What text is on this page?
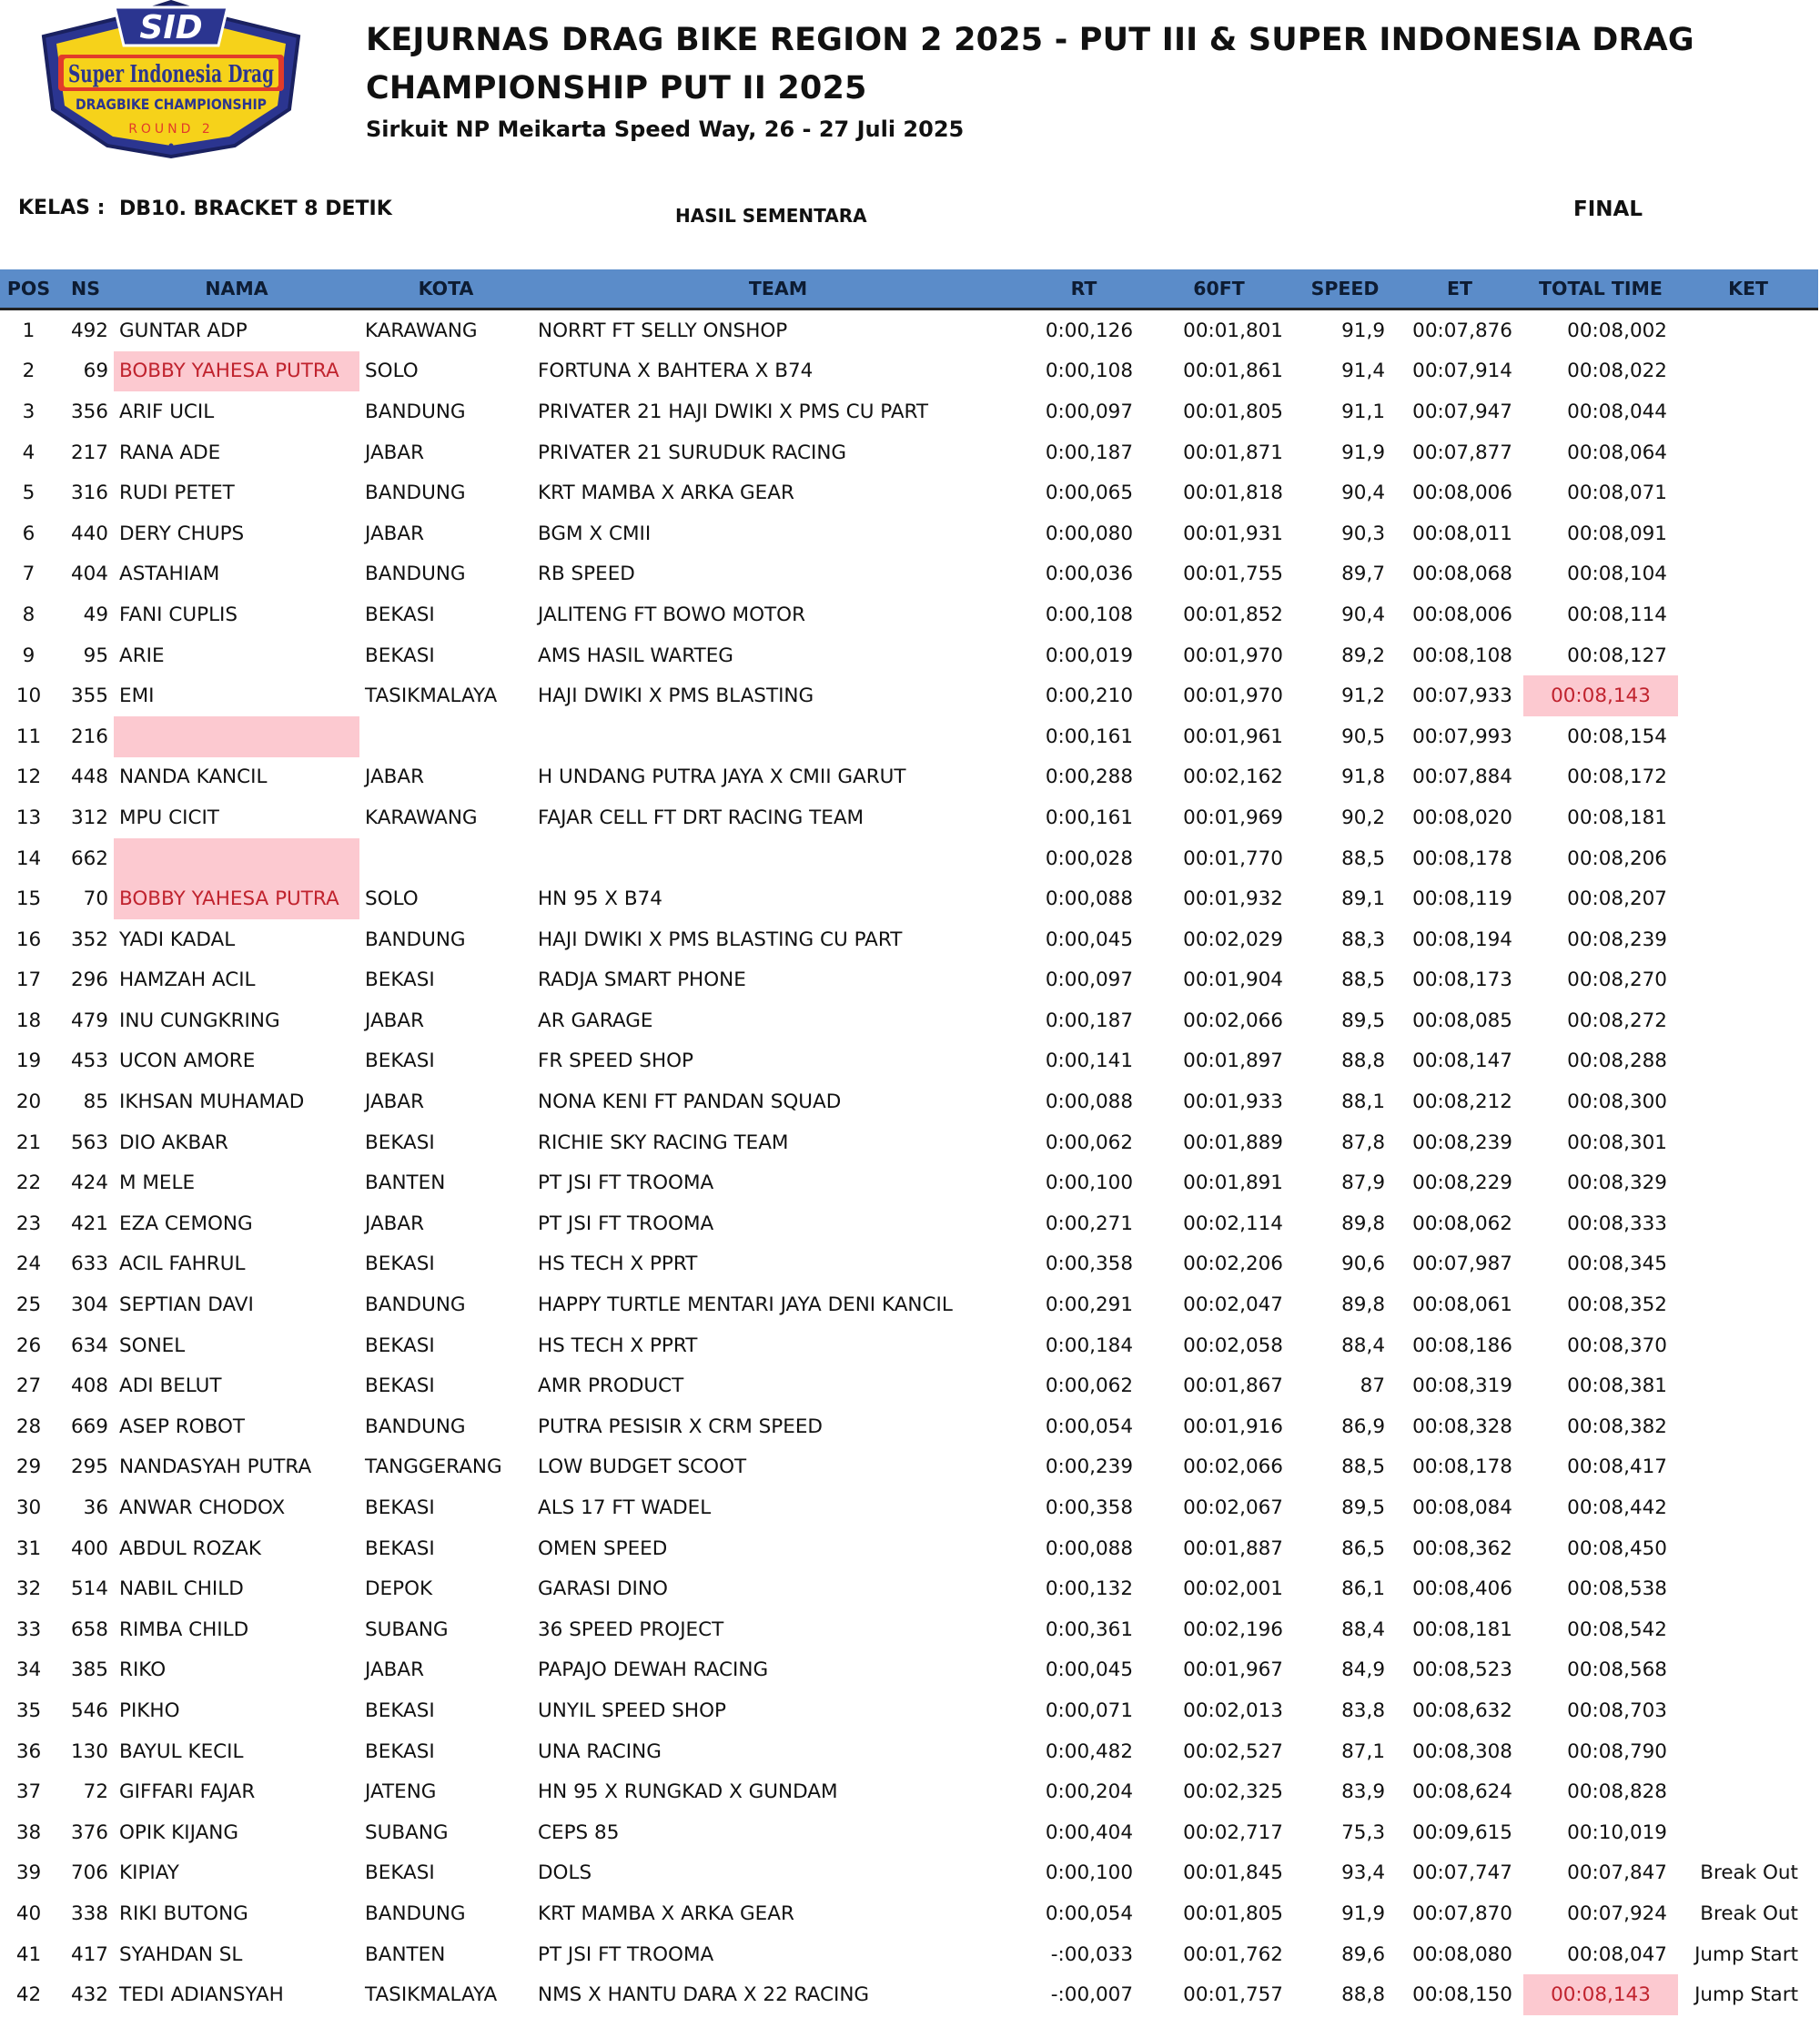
SID
Super Indonesia Drag
DRAGBIKE CHAMPIONSHIP
ROUND 2
KEJURNAS DRAG BIKE REGION 2 2025 - PUT III & SUPER INDONESIA DRAG
CHAMPIONSHIP PUT II 2025
Sirkuit NP Meikarta Speed Way, 26 - 27 Juli 2025
KELAS : DB10. BRACKET 8 DETIK	HASIL SEMENTARA	FINAL
POS	NS	NAMA	KOTA	TEAM	RT	60FT	SPEED	ET	TOTAL TIME	KET
1	492	GUNTAR ADP	KARAWANG	NORRT FT SELLY ONSHOP	0:00,126	00:01,801	91,9	00:07,876	00:08,002	
2	69	BOBBY YAHESA PUTRA	SOLO	FORTUNA X BAHTERA X B74	0:00,108	00:01,861	91,4	00:07,914	00:08,022	
3	356	ARIF UCIL	BANDUNG	PRIVATER 21 HAJI DWIKI X PMS CU PART	0:00,097	00:01,805	91,1	00:07,947	00:08,044	
4	217	RANA ADE	JABAR	PRIVATER 21 SURUDUK RACING	0:00,187	00:01,871	91,9	00:07,877	00:08,064	
5	316	RUDI PETET	BANDUNG	KRT MAMBA X ARKA GEAR	0:00,065	00:01,818	90,4	00:08,006	00:08,071	
6	440	DERY CHUPS	JABAR	BGM X CMII	0:00,080	00:01,931	90,3	00:08,011	00:08,091	
7	404	ASTAHIAM	BANDUNG	RB SPEED	0:00,036	00:01,755	89,7	00:08,068	00:08,104	
8	49	FANI CUPLIS	BEKASI	JALITENG FT BOWO MOTOR	0:00,108	00:01,852	90,4	00:08,006	00:08,114	
9	95	ARIE	BEKASI	AMS HASIL WARTEG	0:00,019	00:01,970	89,2	00:08,108	00:08,127	
10	355	EMI	TASIKMALAYA	HAJI DWIKI X PMS BLASTING	0:00,210	00:01,970	91,2	00:07,933	00:08,143	
11	216				0:00,161	00:01,961	90,5	00:07,993	00:08,154	
12	448	NANDA KANCIL	JABAR	H UNDANG PUTRA JAYA X CMII GARUT	0:00,288	00:02,162	91,8	00:07,884	00:08,172	
13	312	MPU CICIT	KARAWANG	FAJAR CELL FT DRT RACING TEAM	0:00,161	00:01,969	90,2	00:08,020	00:08,181	
14	662				0:00,028	00:01,770	88,5	00:08,178	00:08,206	
15	70	BOBBY YAHESA PUTRA	SOLO	HN 95 X B74	0:00,088	00:01,932	89,1	00:08,119	00:08,207	
16	352	YADI KADAL	BANDUNG	HAJI DWIKI X PMS BLASTING CU PART	0:00,045	00:02,029	88,3	00:08,194	00:08,239	
17	296	HAMZAH ACIL	BEKASI	RADJA SMART PHONE	0:00,097	00:01,904	88,5	00:08,173	00:08,270	
18	479	INU CUNGKRING	JABAR	AR GARAGE	0:00,187	00:02,066	89,5	00:08,085	00:08,272	
19	453	UCON AMORE	BEKASI	FR SPEED SHOP	0:00,141	00:01,897	88,8	00:08,147	00:08,288	
20	85	IKHSAN MUHAMAD	JABAR	NONA KENI FT PANDAN SQUAD	0:00,088	00:01,933	88,1	00:08,212	00:08,300	
21	563	DIO AKBAR	BEKASI	RICHIE SKY RACING TEAM	0:00,062	00:01,889	87,8	00:08,239	00:08,301	
22	424	M MELE	BANTEN	PT JSI FT TROOMA	0:00,100	00:01,891	87,9	00:08,229	00:08,329	
23	421	EZA CEMONG	JABAR	PT JSI FT TROOMA	0:00,271	00:02,114	89,8	00:08,062	00:08,333	
24	633	ACIL FAHRUL	BEKASI	HS TECH X PPRT	0:00,358	00:02,206	90,6	00:07,987	00:08,345	
25	304	SEPTIAN DAVI	BANDUNG	HAPPY TURTLE MENTARI JAYA DENI KANCIL	0:00,291	00:02,047	89,8	00:08,061	00:08,352	
26	634	SONEL	BEKASI	HS TECH X PPRT	0:00,184	00:02,058	88,4	00:08,186	00:08,370	
27	408	ADI BELUT	BEKASI	AMR PRODUCT	0:00,062	00:01,867	87	00:08,319	00:08,381	
28	669	ASEP ROBOT	BANDUNG	PUTRA PESISIR X CRM SPEED	0:00,054	00:01,916	86,9	00:08,328	00:08,382	
29	295	NANDASYAH PUTRA	TANGGERANG	LOW BUDGET SCOOT	0:00,239	00:02,066	88,5	00:08,178	00:08,417	
30	36	ANWAR CHODOX	BEKASI	ALS 17 FT WADEL	0:00,358	00:02,067	89,5	00:08,084	00:08,442	
31	400	ABDUL ROZAK	BEKASI	OMEN SPEED	0:00,088	00:01,887	86,5	00:08,362	00:08,450	
32	514	NABIL CHILD	DEPOK	GARASI DINO	0:00,132	00:02,001	86,1	00:08,406	00:08,538	
33	658	RIMBA CHILD	SUBANG	36 SPEED PROJECT	0:00,361	00:02,196	88,4	00:08,181	00:08,542	
34	385	RIKO	JABAR	PAPAJO DEWAH RACING	0:00,045	00:01,967	84,9	00:08,523	00:08,568	
35	546	PIKHO	BEKASI	UNYIL SPEED SHOP	0:00,071	00:02,013	83,8	00:08,632	00:08,703	
36	130	BAYUL KECIL	BEKASI	UNA RACING	0:00,482	00:02,527	87,1	00:08,308	00:08,790	
37	72	GIFFARI FAJAR	JATENG	HN 95 X RUNGKAD X GUNDAM	0:00,204	00:02,325	83,9	00:08,624	00:08,828	
38	376	OPIK KIJANG	SUBANG	CEPS 85	0:00,404	00:02,717	75,3	00:09,615	00:10,019	
39	706	KIPIAY	BEKASI	DOLS	0:00,100	00:01,845	93,4	00:07,747	00:07,847	Break Out
40	338	RIKI BUTONG	BANDUNG	KRT MAMBA X ARKA GEAR	0:00,054	00:01,805	91,9	00:07,870	00:07,924	Break Out
41	417	SYAHDAN SL	BANTEN	PT JSI FT TROOMA	-:00,033	00:01,762	89,6	00:08,080	00:08,047	Jump Start
42	432	TEDI ADIANSYAH	TASIKMALAYA	NMS X HANTU DARA X 22 RACING	-:00,007	00:01,757	88,8	00:08,150	00:08,143	Jump Start
